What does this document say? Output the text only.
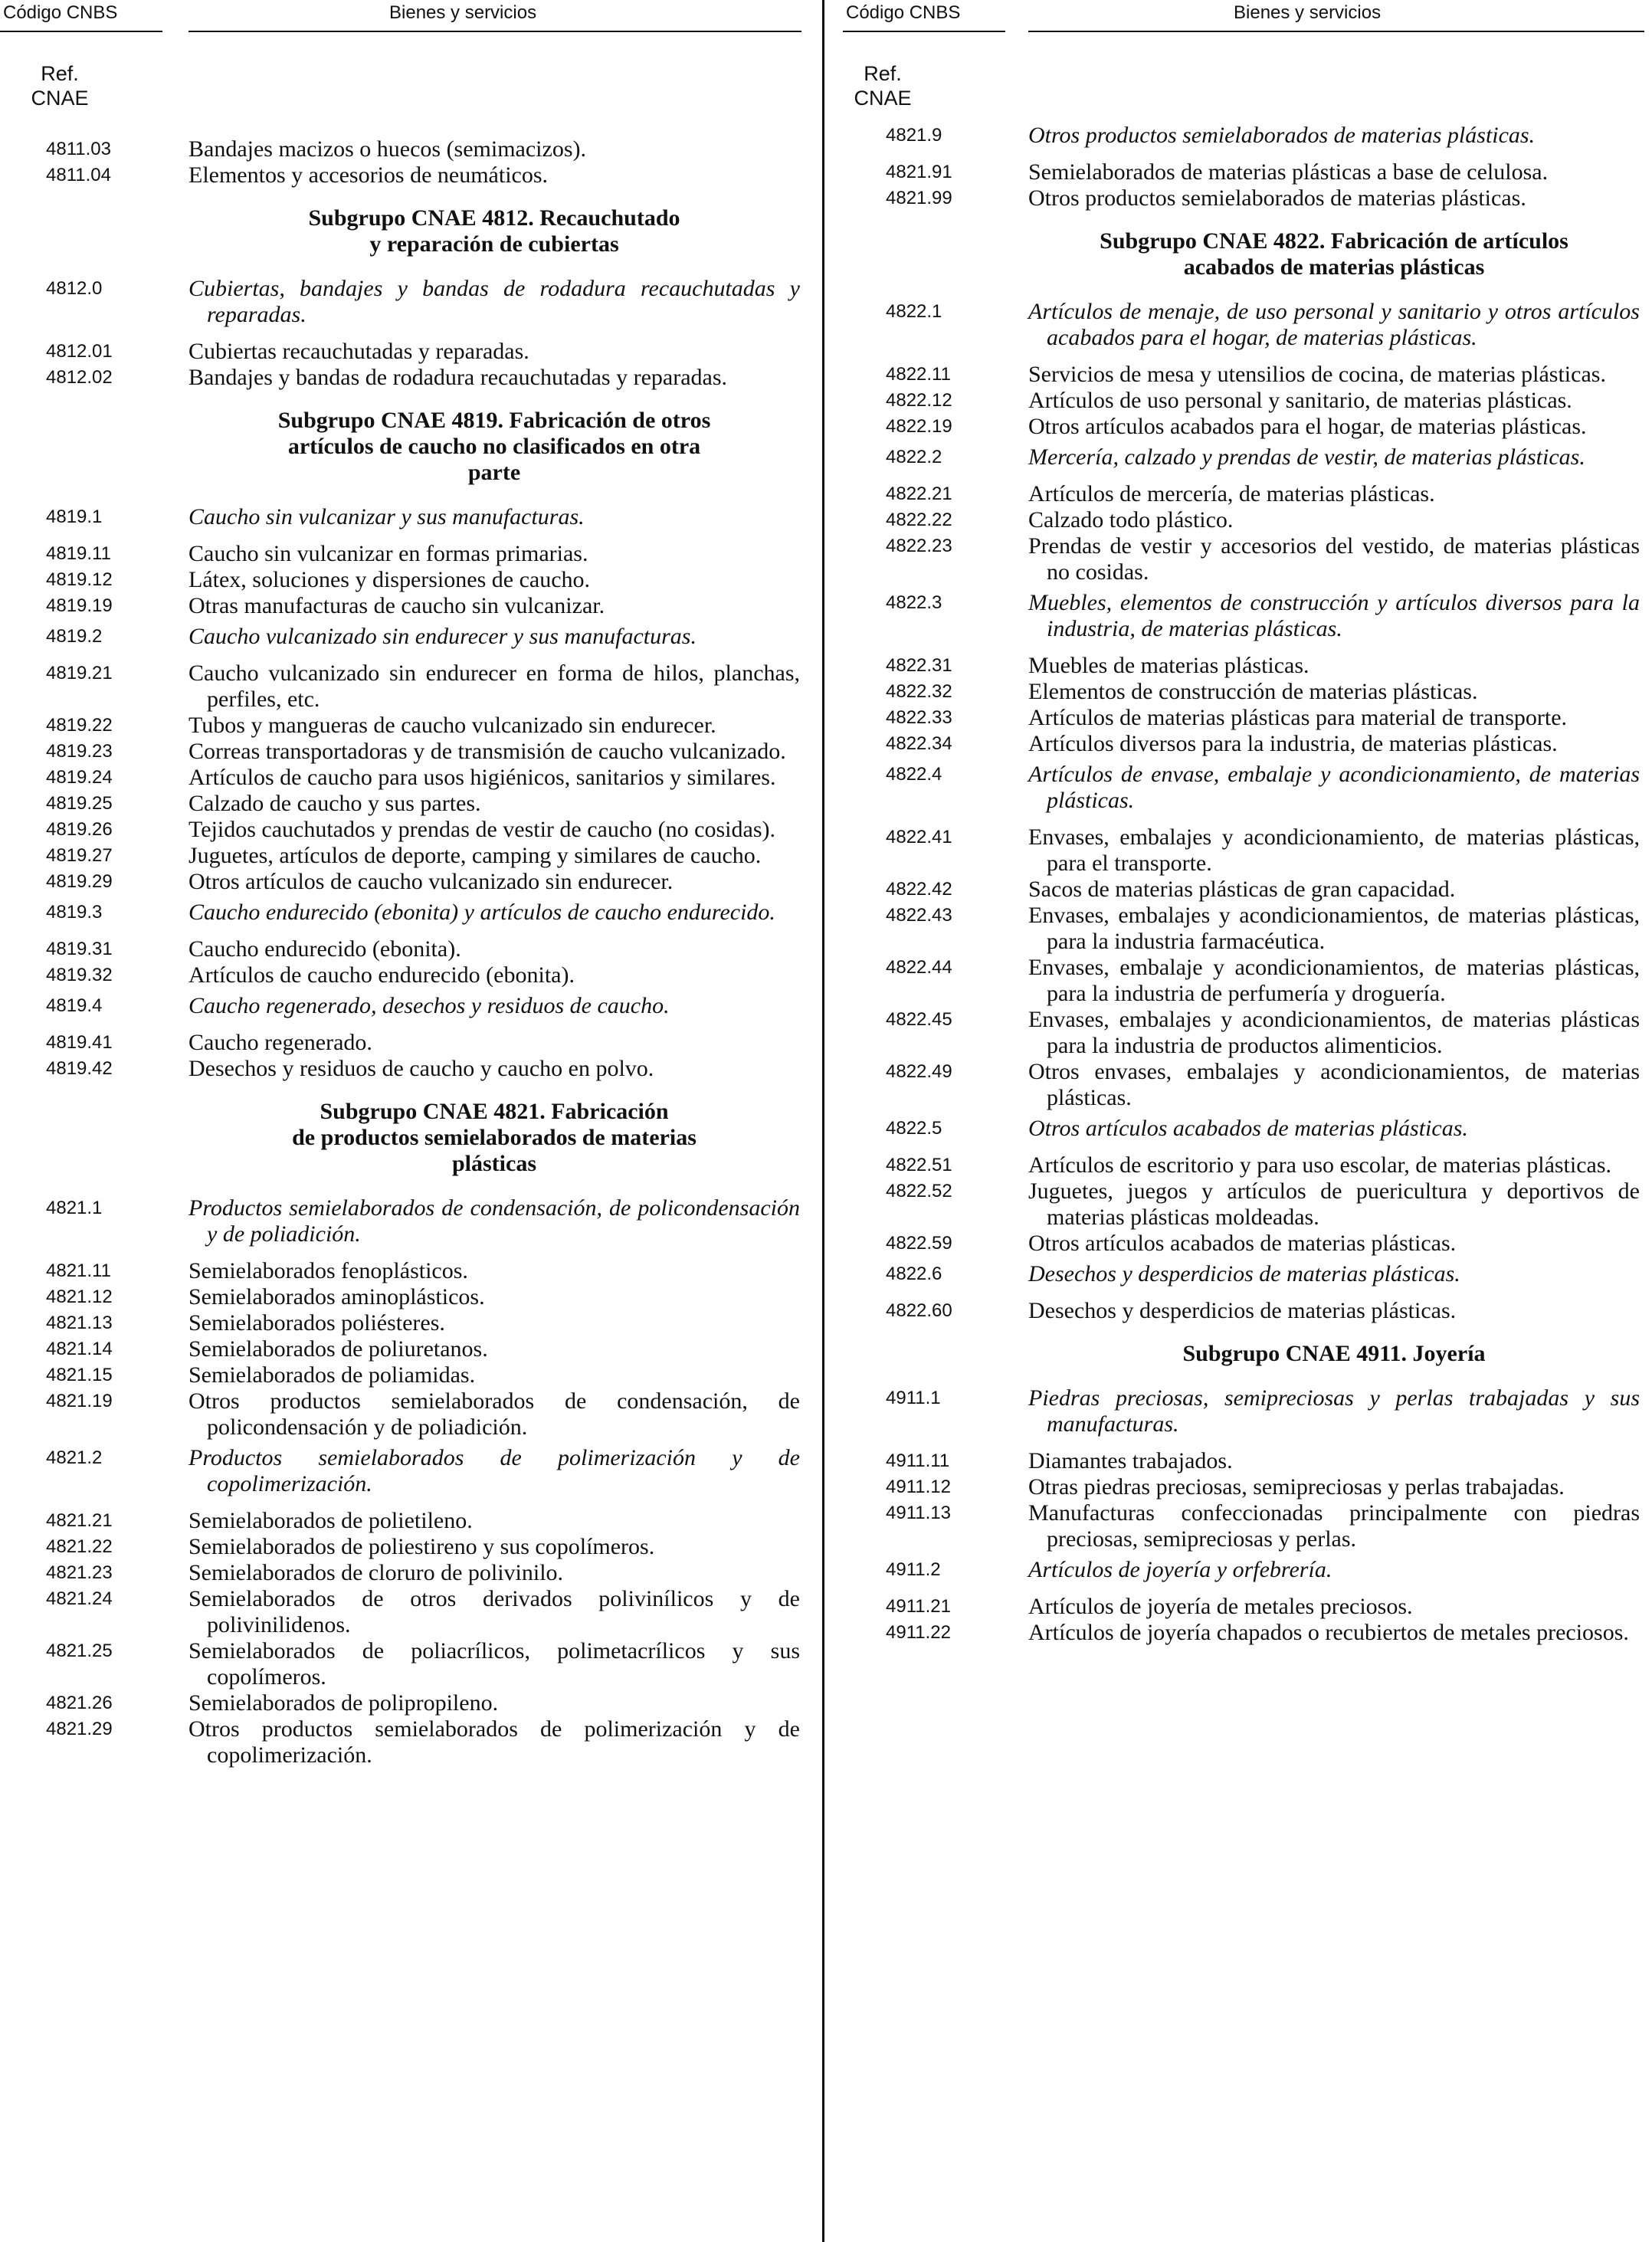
Código CNBS	Bienes y servicios
Ref.
CNAE
4811.03	Bandajes macizos o huecos (semimacizos).
4811.04	Elementos y accesorios de neumáticos.
Subgrupo CNAE 4812. Recauchutado
y reparación de cubiertas
4812.0	Cubiertas, bandajes y bandas de rodadura recauchutadas y reparadas.
4812.01	Cubiertas recauchutadas y reparadas.
4812.02	Bandajes y bandas de rodadura recauchutadas y reparadas.
Subgrupo CNAE 4819. Fabricación de otros
artículos de caucho no clasificados en otra
parte
4819.1	Caucho sin vulcanizar y sus manufacturas.
4819.11	Caucho sin vulcanizar en formas primarias.
4819.12	Látex, soluciones y dispersiones de caucho.
4819.19	Otras manufacturas de caucho sin vulcanizar.
4819.2	Caucho vulcanizado sin endurecer y sus manufacturas.
4819.21	Caucho vulcanizado sin endurecer en forma de hilos, planchas, perfiles, etc.
4819.22	Tubos y mangueras de caucho vulcanizado sin endurecer.
4819.23	Correas transportadoras y de transmisión de caucho vulcanizado.
4819.24	Artículos de caucho para usos higiénicos, sanitarios y similares.
4819.25	Calzado de caucho y sus partes.
4819.26	Tejidos cauchutados y prendas de vestir de caucho (no cosidas).
4819.27	Juguetes, artículos de deporte, camping y similares de caucho.
4819.29	Otros artículos de caucho vulcanizado sin endurecer.
4819.3	Caucho endurecido (ebonita) y artículos de caucho endurecido.
4819.31	Caucho endurecido (ebonita).
4819.32	Artículos de caucho endurecido (ebonita).
4819.4	Caucho regenerado, desechos y residuos de caucho.
4819.41	Caucho regenerado.
4819.42	Desechos y residuos de caucho y caucho en polvo.
Subgrupo CNAE 4821. Fabricación
de productos semielaborados de materias
plásticas
4821.1	Productos semielaborados de condensación, de policondensación y de poliadición.
4821.11	Semielaborados fenoplásticos.
4821.12	Semielaborados aminoplásticos.
4821.13	Semielaborados poliésteres.
4821.14	Semielaborados de poliuretanos.
4821.15	Semielaborados de poliamidas.
4821.19	Otros productos semielaborados de condensación, de policondensación y de poliadición.
4821.2	Productos semielaborados de polimerización y de copolimerización.
4821.21	Semielaborados de polietileno.
4821.22	Semielaborados de poliestireno y sus copolímeros.
4821.23	Semielaborados de cloruro de polivinilo.
4821.24	Semielaborados de otros derivados polivinílicos y de polivinilidenos.
4821.25	Semielaborados de poliacrílicos, polimetacrílicos y sus copolímeros.
4821.26	Semielaborados de polipropileno.
4821.29	Otros productos semielaborados de polimerización y de copolimerización.
Código CNBS	Bienes y servicios
Ref.
CNAE
4821.9	Otros productos semielaborados de materias plásticas.
4821.91	Semielaborados de materias plásticas a base de celulosa.
4821.99	Otros productos semielaborados de materias plásticas.
Subgrupo CNAE 4822. Fabricación de artículos
acabados de materias plásticas
4822.1	Artículos de menaje, de uso personal y sanitario y otros artículos acabados para el hogar, de materias plásticas.
4822.11	Servicios de mesa y utensilios de cocina, de materias plásticas.
4822.12	Artículos de uso personal y sanitario, de materias plásticas.
4822.19	Otros artículos acabados para el hogar, de materias plásticas.
4822.2	Mercería, calzado y prendas de vestir, de materias plásticas.
4822.21	Artículos de mercería, de materias plásticas.
4822.22	Calzado todo plástico.
4822.23	Prendas de vestir y accesorios del vestido, de materias plásticas no cosidas.
4822.3	Muebles, elementos de construcción y artículos diversos para la industria, de materias plásticas.
4822.31	Muebles de materias plásticas.
4822.32	Elementos de construcción de materias plásticas.
4822.33	Artículos de materias plásticas para material de transporte.
4822.34	Artículos diversos para la industria, de materias plásticas.
4822.4	Artículos de envase, embalaje y acondicionamiento, de materias plásticas.
4822.41	Envases, embalajes y acondicionamiento, de materias plásticas, para el transporte.
4822.42	Sacos de materias plásticas de gran capacidad.
4822.43	Envases, embalajes y acondicionamientos, de materias plásticas, para la industria farmacéutica.
4822.44	Envases, embalaje y acondicionamientos, de materias plásticas, para la industria de perfumería y droguería.
4822.45	Envases, embalajes y acondicionamientos, de materias plásticas para la industria de productos alimenticios.
4822.49	Otros envases, embalajes y acondicionamientos, de materias plásticas.
4822.5	Otros artículos acabados de materias plásticas.
4822.51	Artículos de escritorio y para uso escolar, de materias plásticas.
4822.52	Juguetes, juegos y artículos de puericultura y deportivos de materias plásticas moldeadas.
4822.59	Otros artículos acabados de materias plásticas.
4822.6	Desechos y desperdicios de materias plásticas.
4822.60	Desechos y desperdicios de materias plásticas.
Subgrupo CNAE 4911. Joyería
4911.1	Piedras preciosas, semipreciosas y perlas trabajadas y sus manufacturas.
4911.11	Diamantes trabajados.
4911.12	Otras piedras preciosas, semipreciosas y perlas trabajadas.
4911.13	Manufacturas confeccionadas principalmente con piedras preciosas, semipreciosas y perlas.
4911.2	Artículos de joyería y orfebrería.
4911.21	Artículos de joyería de metales preciosos.
4911.22	Artículos de joyería chapados o recubiertos de metales preciosos.
